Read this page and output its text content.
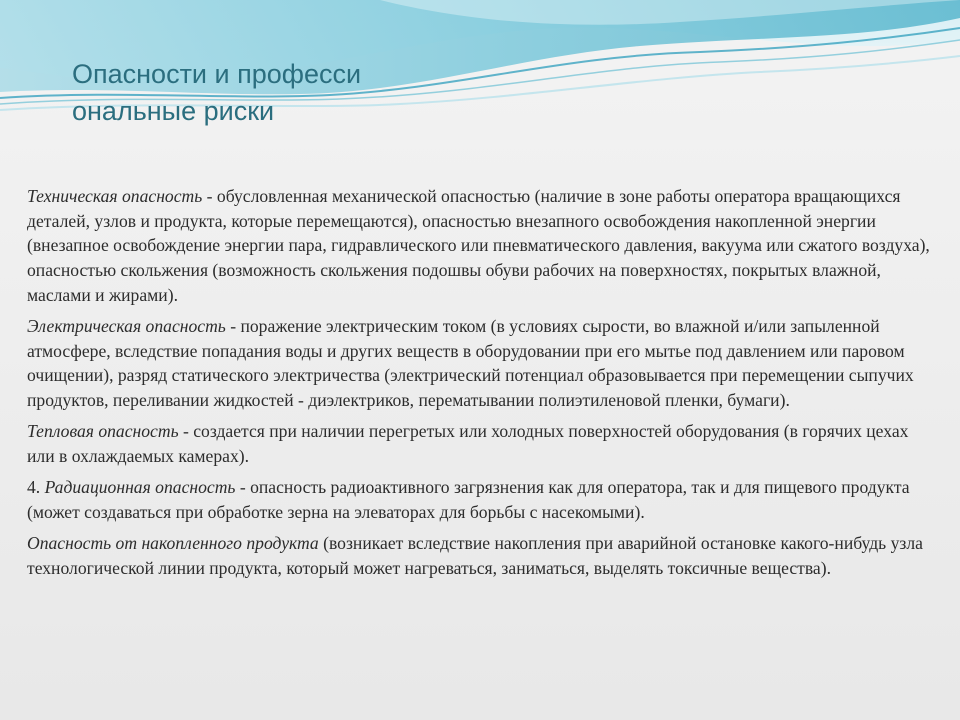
Опасности и профессиональные риски

Техническая опасность - обусловленная механической опасностью (наличие в зоне работы оператора вращающихся деталей, узлов и продукта, которые перемещаются), опасностью внезапного освобождения накопленной энергии (внезапное освобождение энергии пара, гидравлического или пневматического давления, вакуума или сжатого воздуха), опасностью скольжения (возможность скольжения подошвы обуви рабочих на поверхностях, покрытых влажной, маслами и жирами).

Электрическая опасность - поражение электрическим током (в условиях сырости, во влажной и/или запыленной атмосфере, вследствие попадания воды и других веществ в оборудовании при его мытье под давлением или паровом очищении), разряд статического электричества (электрический потенциал образовывается при перемещении сыпучих продуктов, переливании жидкостей - диэлектриков, перематывании полиэтиленовой пленки, бумаги).

Тепловая опасность - создается при наличии перегретых или холодных поверхностей оборудования (в горячих цехах или в охлаждаемых камерах).

4. Радиационная опасность - опасность радиоактивного загрязнения как для оператора, так и для пищевого продукта (может создаваться при обработке зерна на элеваторах для борьбы с насекомыми).

Опасность от накопленного продукта (возникает вследствие накопления при аварийной остановке какого-нибудь узла технологической линии продукта, который может нагреваться, заниматься, выделять токсичные вещества).
